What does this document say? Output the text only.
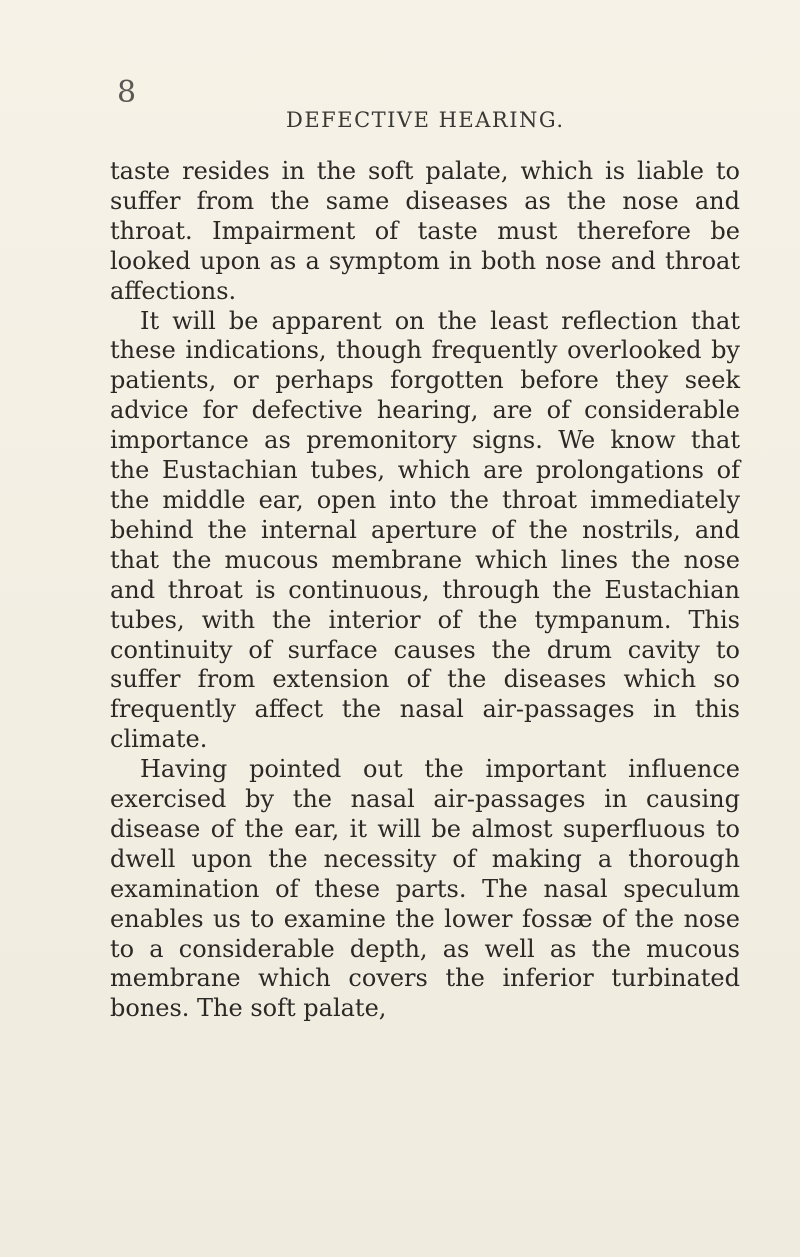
8
DEFECTIVE HEARING.

taste resides in the soft palate, which is liable to suffer from the same diseases as the nose and throat. Impairment of taste must therefore be looked upon as a symptom in both nose and throat affections.

It will be apparent on the least reflection that these indications, though frequently overlooked by patients, or perhaps forgotten before they seek advice for defective hearing, are of considerable importance as premonitory signs. We know that the Eustachian tubes, which are prolongations of the middle ear, open into the throat immediately behind the internal aperture of the nostrils, and that the mucous membrane which lines the nose and throat is continuous, through the Eustachian tubes, with the interior of the tympanum. This continuity of surface causes the drum cavity to suffer from extension of the diseases which so frequently affect the nasal air-passages in this climate.

Having pointed out the important influence exercised by the nasal air-passages in causing disease of the ear, it will be almost superfluous to dwell upon the necessity of making a thorough examination of these parts. The nasal speculum enables us to examine the lower fossæ of the nose to a considerable depth, as well as the mucous membrane which covers the inferior turbinated bones. The soft palate,
